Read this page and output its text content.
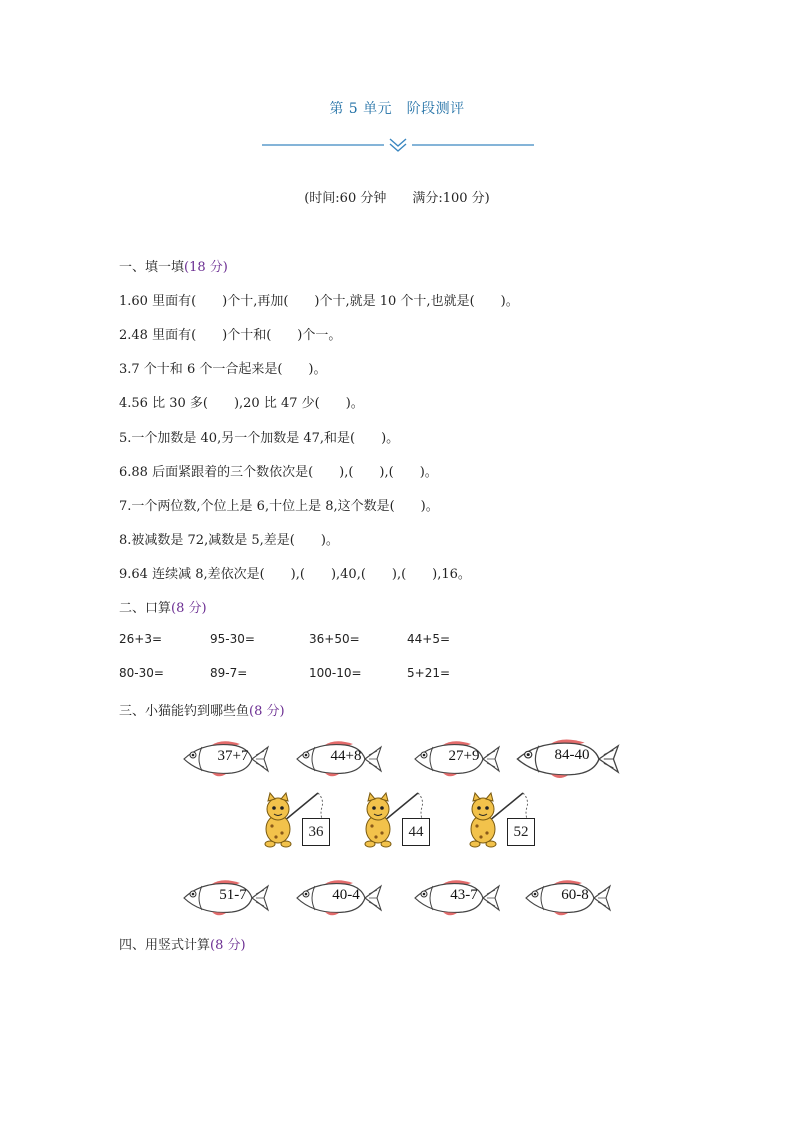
第 5 单元　阶段测评
(时间:60 分钟 满分:100 分)
一、填一填(18 分)
1.60 里面有(　　)个十,再加(　　)个十,就是 10 个十,也就是(　　)。
2.48 里面有(　　)个十和(　　)个一。
3.7 个十和 6 个一合起来是(　　)。
4.56 比 30 多(　　),20 比 47 少(　　)。
5.一个加数是 40,另一个加数是 47,和是(　　)。
6.88 后面紧跟着的三个数依次是(　　),(　　),(　　)。
7.一个两位数,个位上是 6,十位上是 8,这个数是(　　)。
8.被减数是 72,减数是 5,差是(　　)。
9.64 连续减 8,差依次是(　　),(　　),40,(　　),(　　),16。
二、口算(8 分)
26+3=	95-30=	36+50=	44+5=
80-30=	89-7=	100-10=	5+21=
三、小猫能钓到哪些鱼(8 分)
37+7	44+8	27+9	84-40
36	44	52
51-7	40-4	43-7	60-8
四、用竖式计算(8 分)
